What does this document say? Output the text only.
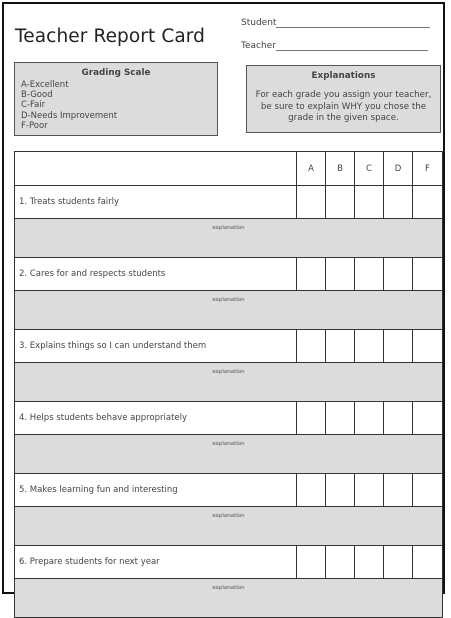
Teacher Report Card
Student
Teacher
Grading Scale
A-Excellent
B-Good
C-Fair
D-Needs Improvement
F-Poor
Explanations
For each grade you assign your teacher, be sure to explain WHY you chose the grade in the given space.
	A	B	C	D	F
1. Treats students fairly					
explanation					
2. Cares for and respects students					
explanation					
3. Explains things so I can understand them					
explanation					
4. Helps students behave appropriately					
explanation					
5. Makes learning fun and interesting					
explanation					
6. Prepare students for next year					
explanation					
